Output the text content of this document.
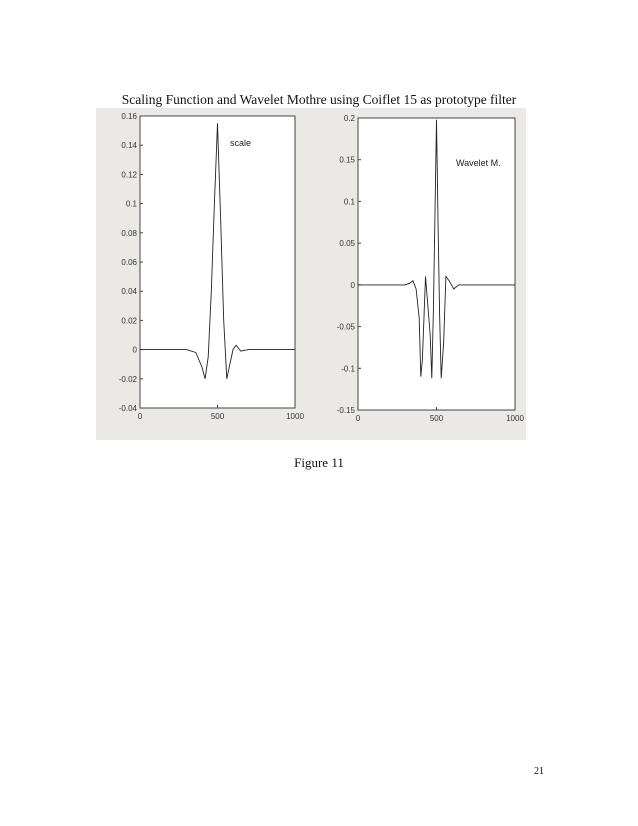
Scaling Function and Wavelet Mothre using Coiflet 15 as prototype filter
-0.04
-0.02
0
0.02
0.04
0.06
0.08
0.1
0.12
0.14
0.16
0	500	1000
scale
-0.15
-0.1
-0.05
0
0.05
0.1
0.15
0.2
0	500	1000
Wavelet M.
Figure 11
21
